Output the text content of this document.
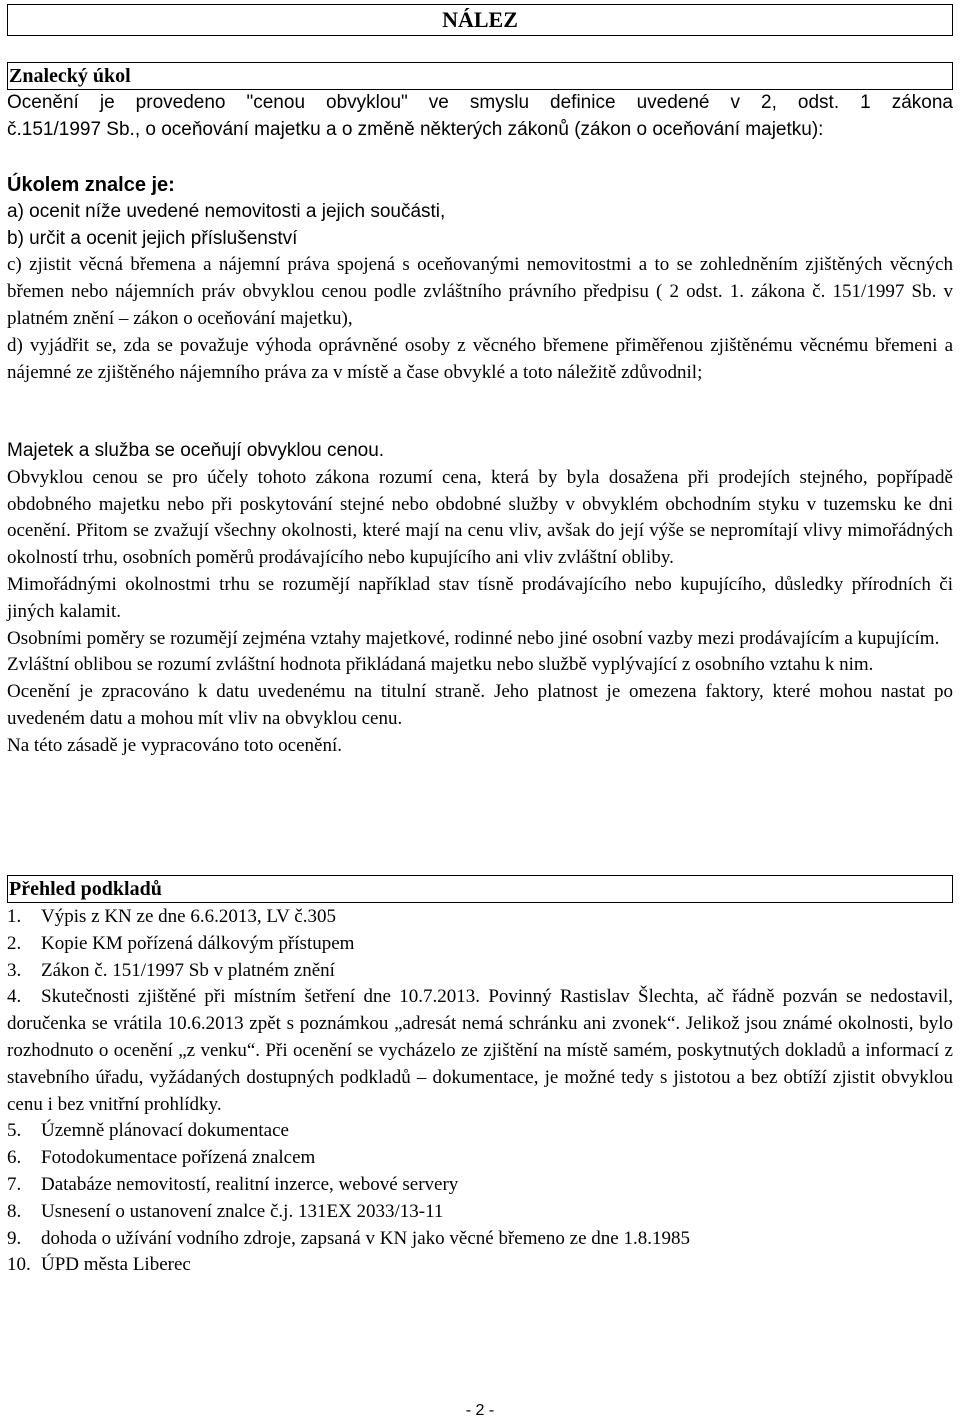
NÁLEZ
Znalecký úkol

Ocenění je provedeno "cenou obvyklou" ve smyslu definice uvedené v 2, odst. 1 zákona

č.151/1997 Sb., o oceňování majetku a o změně některých zákonů (zákon o oceňování majetku):

Úkolem znalce je:

a) ocenit níže uvedené nemovitosti a jejich součásti,

b) určit a ocenit jejich příslušenství

c) zjistit věcná břemena a nájemní práva spojená s oceňovanými nemovitostmi a to se zohledněním zjištěných věcných břemen nebo nájemních práv obvyklou cenou podle zvláštního právního předpisu ( 2 odst. 1. zákona č. 151/1997 Sb. v platném znění – zákon o oceňování majetku),

d) vyjádřit se, zda se považuje výhoda oprávněné osoby z věcného břemene přiměřenou zjištěnému věcnému břemeni a nájemné ze zjištěného nájemního práva za v místě a čase obvyklé a toto náležitě zdůvodnil;

Majetek a služba se oceňují obvyklou cenou.

Obvyklou cenou se pro účely tohoto zákona rozumí cena, která by byla dosažena při prodejích stejného, popřípadě obdobného majetku nebo při poskytování stejné nebo obdobné služby v obvyklém obchodním styku v tuzemsku ke dni ocenění. Přitom se zvažují všechny okolnosti, které mají na cenu vliv, avšak do její výše se nepromítají vlivy mimořádných okolností trhu, osobních poměrů prodávajícího nebo kupujícího ani vliv zvláštní obliby.

Mimořádnými okolnostmi trhu se rozumějí například stav tísně prodávajícího nebo kupujícího, důsledky přírodních či jiných kalamit.

Osobními poměry se rozumějí zejména vztahy majetkové, rodinné nebo jiné osobní vazby mezi prodávajícím a kupujícím.

Zvláštní oblibou se rozumí zvláštní hodnota přikládaná majetku nebo službě vyplývající z osobního vztahu k nim.

Ocenění je zpracováno k datu uvedenému na titulní straně. Jeho platnost je omezena faktory, které mohou nastat po uvedeném datu a mohou mít vliv na obvyklou cenu.

Na této zásadě je vypracováno toto ocenění.

Přehled podkladů
1. Výpis z KN ze dne 6.6.2013, LV č.305
2. Kopie KM pořízená dálkovým přístupem
3. Zákon č. 151/1997 Sb v platném znění
4. Skutečnosti zjištěné při místním šetření dne 10.7.2013. Povinný Rastislav Šlechta, ač řádně pozván se nedostavil, doručenka se vrátila 10.6.2013 zpět s poznámkou „adresát nemá schránku ani zvonek“. Jelikož jsou známé okolnosti, bylo rozhodnuto o ocenění „z venku“. Při ocenění se vycházelo ze zjištění na místě samém, poskytnutých dokladů a informací z stavebního úřadu, vyžádaných dostupných podkladů – dokumentace, je možné tedy s jistotou a bez obtíží zjistit obvyklou cenu i bez vnitřní prohlídky.
5. Územně plánovací dokumentace
6. Fotodokumentace pořízená znalcem
7. Databáze nemovitostí, realitní inzerce, webové servery
8. Usnesení o ustanovení znalce č.j. 131EX 2033/13-11
9. dohoda o užívání vodního zdroje, zapsaná v KN jako věcné břemeno ze dne 1.8.1985
10. ÚPD města Liberec
- 2 -
